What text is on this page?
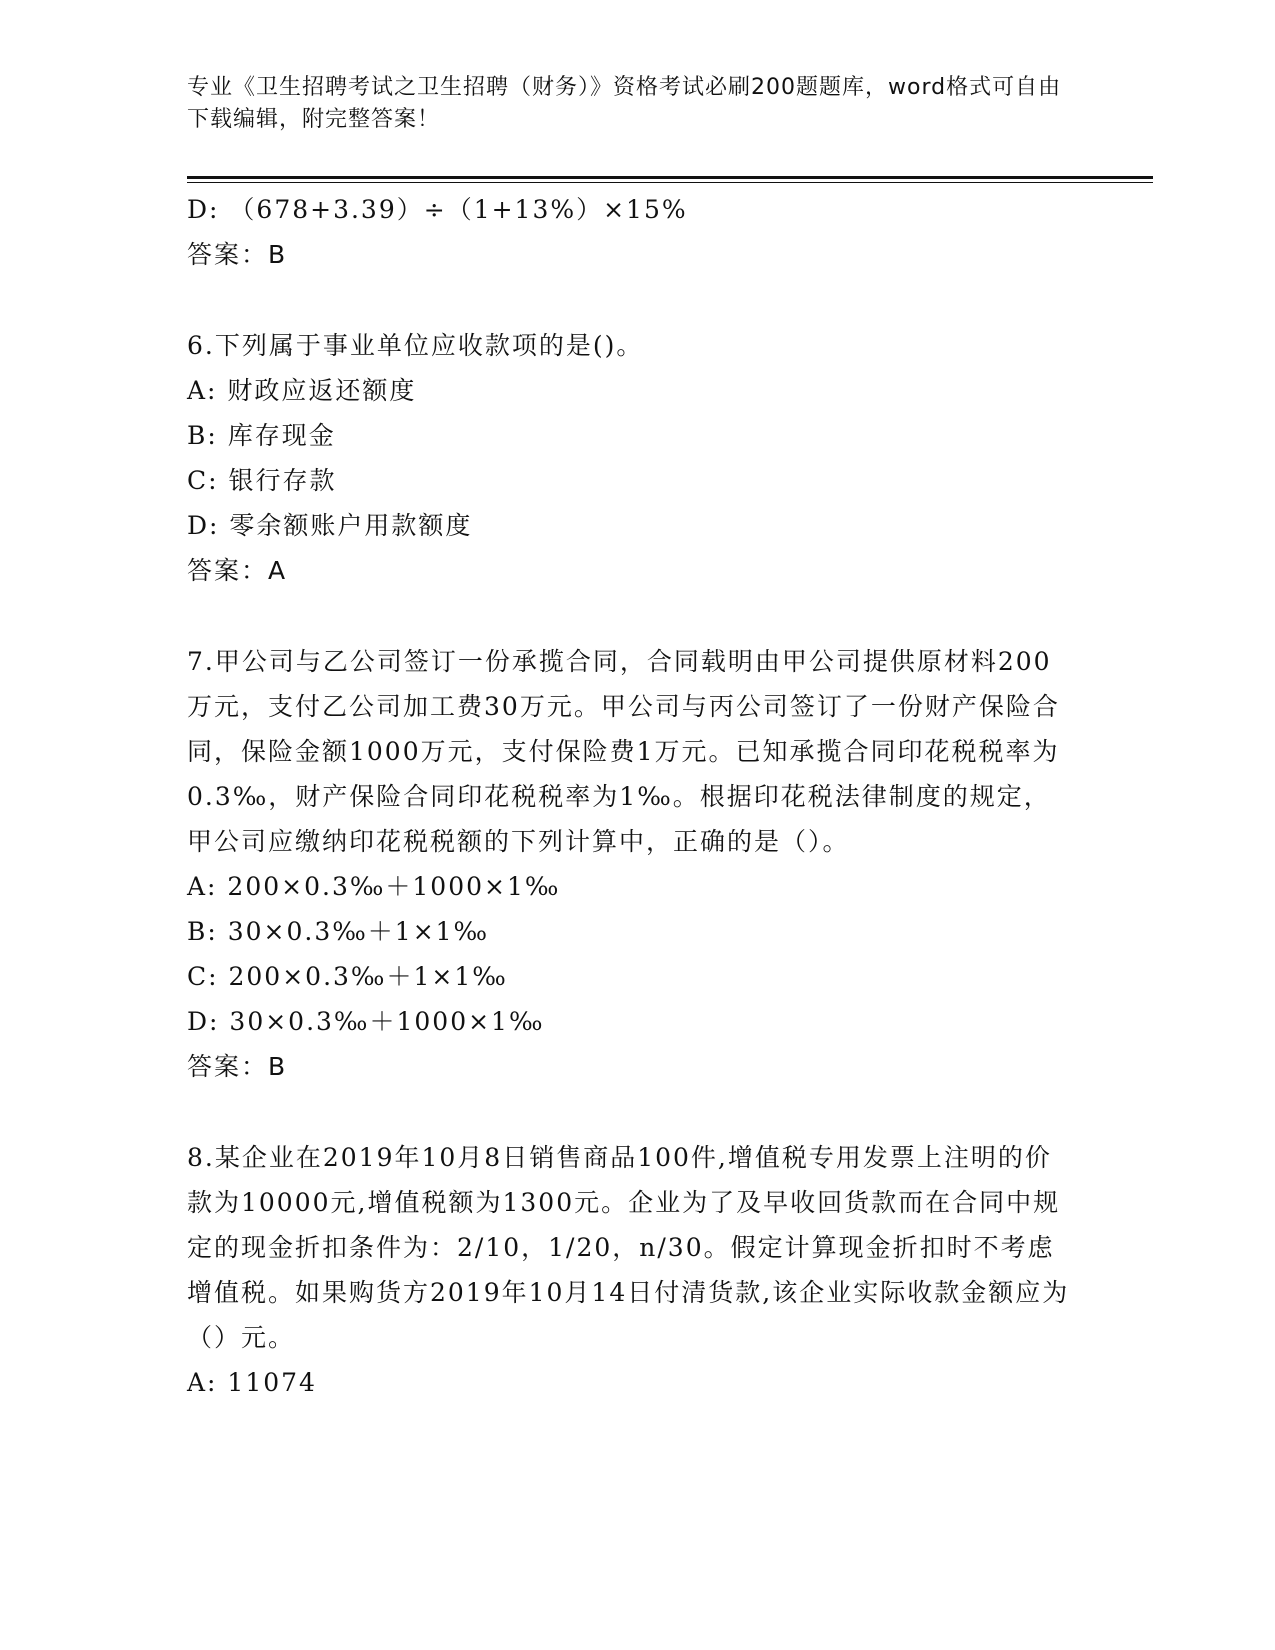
专业《卫生招聘考试之卫生招聘（财务）》资格考试必刷200题题库，word格式可自由下载编辑，附完整答案！
D: （678+3.39）÷（1+13%）×15%
答案：B
6.下列属于事业单位应收款项的是()。
A: 财政应返还额度
B: 库存现金
C: 银行存款
D: 零余额账户用款额度
答案：A
7.甲公司与乙公司签订一份承揽合同，合同载明由甲公司提供原材料200万元，支付乙公司加工费30万元。甲公司与丙公司签订了一份财产保险合同，保险金额1000万元，支付保险费1万元。已知承揽合同印花税税率为0.3‰，财产保险合同印花税税率为1‰。根据印花税法律制度的规定，甲公司应缴纳印花税税额的下列计算中，正确的是（）。
A: 200×0.3‰＋1000×1‰
B: 30×0.3‰＋1×1‰
C: 200×0.3‰＋1×1‰
D: 30×0.3‰＋1000×1‰
答案：B
8.某企业在2019年10月8日销售商品100件,增值税专用发票上注明的价款为10000元,增值税额为1300元。企业为了及早收回货款而在合同中规定的现金折扣条件为：2/10，1/20，n/30。假定计算现金折扣时不考虑增值税。如果购货方2019年10月14日付清货款,该企业实际收款金额应为（）元。
A: 11074
